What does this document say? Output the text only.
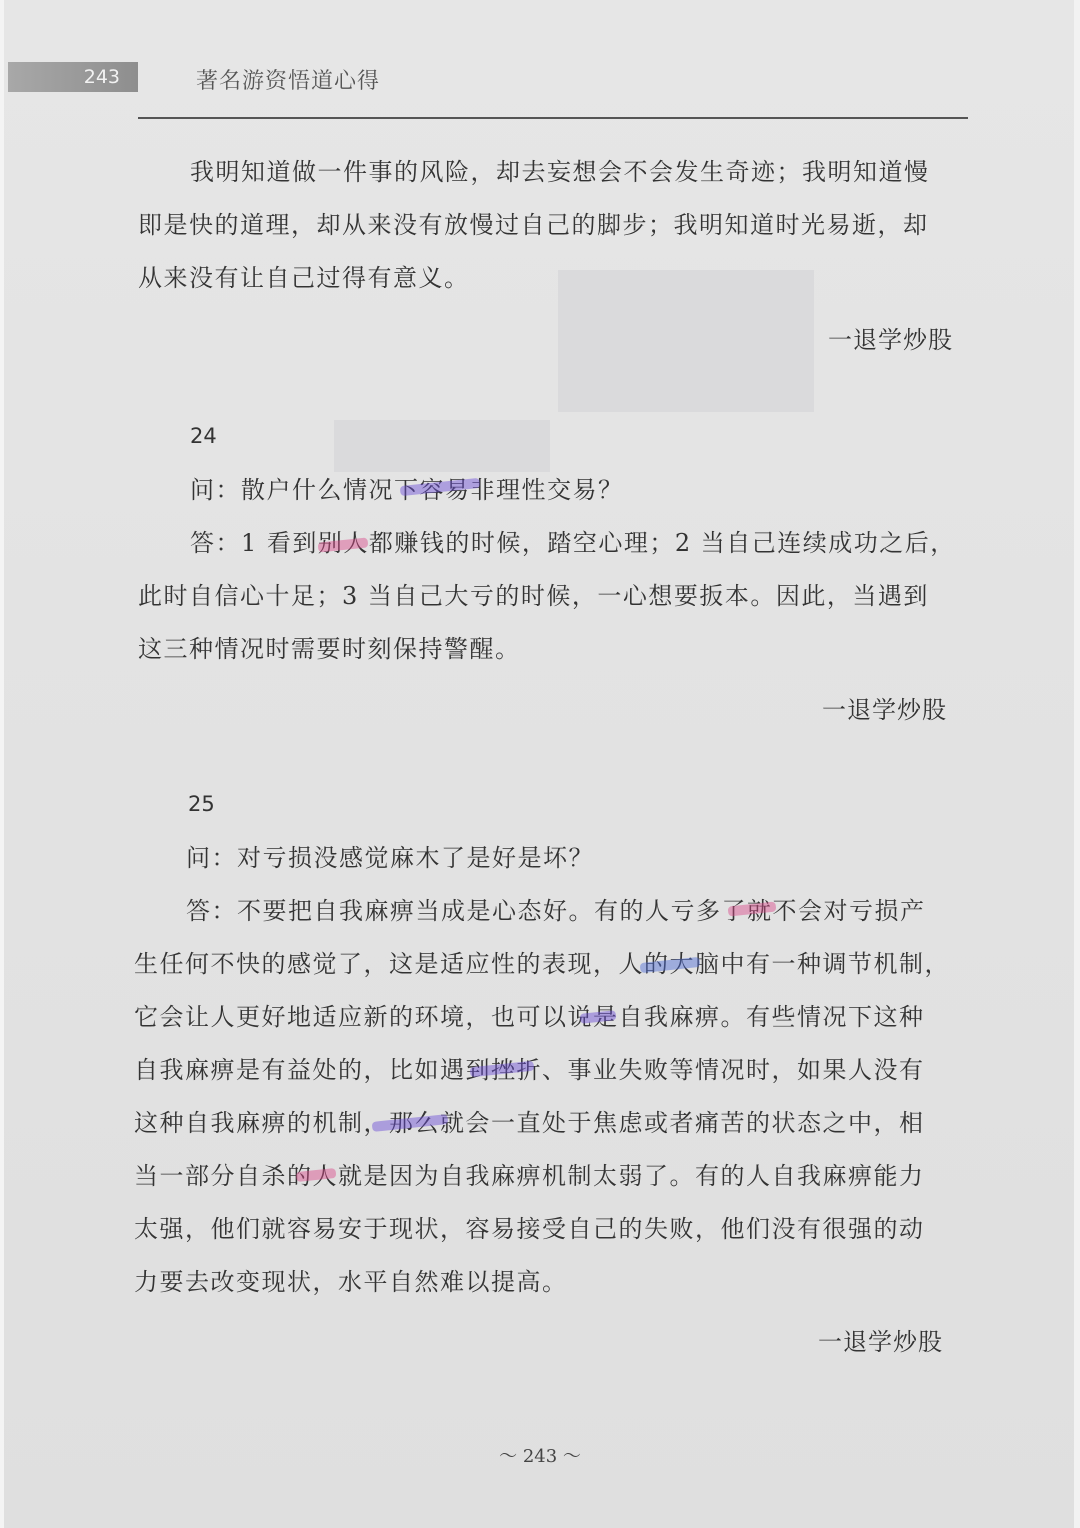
243	著名游资悟道心得
我明知道做一件事的风险，却去妄想会不会发生奇迹；我明知道慢
即是快的道理，却从来没有放慢过自己的脚步；我明知道时光易逝，却
从来没有让自己过得有意义。
一退学炒股
24
问：散户什么情况下容易非理性交易？
答：1 看到别人都赚钱的时候，踏空心理；2 当自己连续成功之后，
此时自信心十足；3 当自己大亏的时候，一心想要扳本。因此，当遇到
这三种情况时需要时刻保持警醒。
一退学炒股
25
问：对亏损没感觉麻木了是好是坏？
答：不要把自我麻痹当成是心态好。有的人亏多了就不会对亏损产
生任何不快的感觉了，这是适应性的表现，人的大脑中有一种调节机制，
它会让人更好地适应新的环境，也可以说是自我麻痹。有些情况下这种
自我麻痹是有益处的，比如遇到挫折、事业失败等情况时，如果人没有
这种自我麻痹的机制，那么就会一直处于焦虑或者痛苦的状态之中，相
当一部分自杀的人就是因为自我麻痹机制太弱了。有的人自我麻痹能力
太强，他们就容易安于现状，容易接受自己的失败，他们没有很强的动
力要去改变现状，水平自然难以提高。
一退学炒股
～ 243 ～
